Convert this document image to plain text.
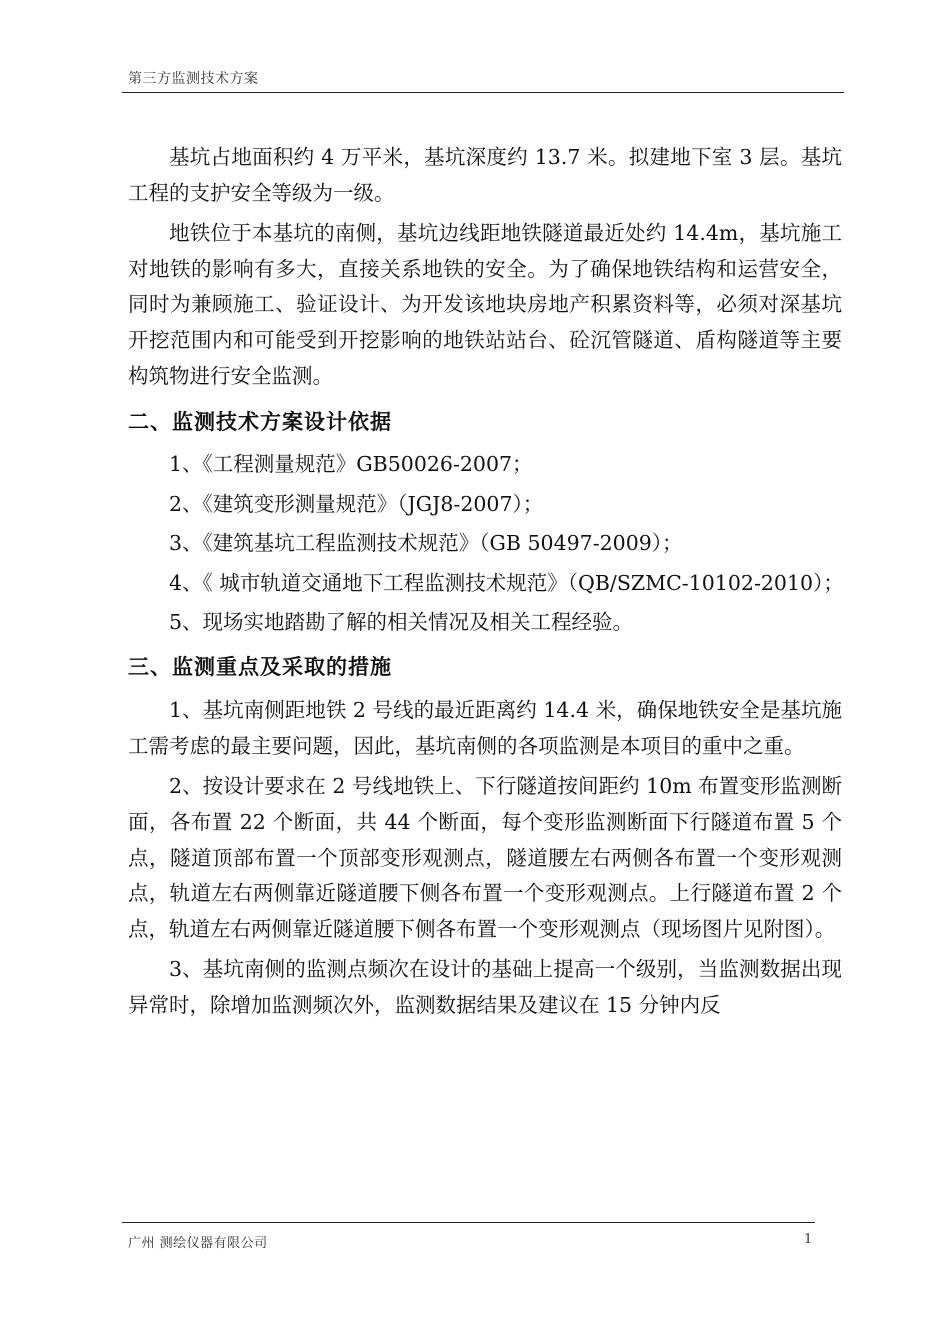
第三方监测技术方案

基坑占地面积约 4 万平米，基坑深度约 13.7 米。拟建地下室 3 层。基坑工程的支护安全等级为一级。

地铁位于本基坑的南侧，基坑边线距地铁隧道最近处约 14.4m，基坑施工对地铁的影响有多大，直接关系地铁的安全。为了确保地铁结构和运营安全，同时为兼顾施工、验证设计、为开发该地块房地产积累资料等，必须对深基坑开挖范围内和可能受到开挖影响的地铁站站台、砼沉管隧道、盾构隧道等主要构筑物进行安全监测。

二、监测技术方案设计依据

1、《工程测量规范》GB50026-2007；

2、《建筑变形测量规范》（JGJ8-2007）；

3、《建筑基坑工程监测技术规范》（GB 50497-2009）；

4、《 城市轨道交通地下工程监测技术规范》（QB/SZMC-10102-2010）；

5、现场实地踏勘了解的相关情况及相关工程经验。

三、监测重点及采取的措施

1、基坑南侧距地铁 2 号线的最近距离约 14.4 米，确保地铁安全是基坑施工需考虑的最主要问题，因此，基坑南侧的各项监测是本项目的重中之重。

2、按设计要求在 2 号线地铁上、下行隧道按间距约 10m 布置变形监测断面，各布置 22 个断面，共 44 个断面，每个变形监测断面下行隧道布置 5 个点，隧道顶部布置一个顶部变形观测点，隧道腰左右两侧各布置一个变形观测点，轨道左右两侧靠近隧道腰下侧各布置一个变形观测点。上行隧道布置 2 个点，轨道左右两侧靠近隧道腰下侧各布置一个变形观测点（现场图片见附图）。

3、基坑南侧的监测点频次在设计的基础上提高一个级别，当监测数据出现异常时，除增加监测频次外，监测数据结果及建议在 15 分钟内反

广州 测绘仪器有限公司	1
